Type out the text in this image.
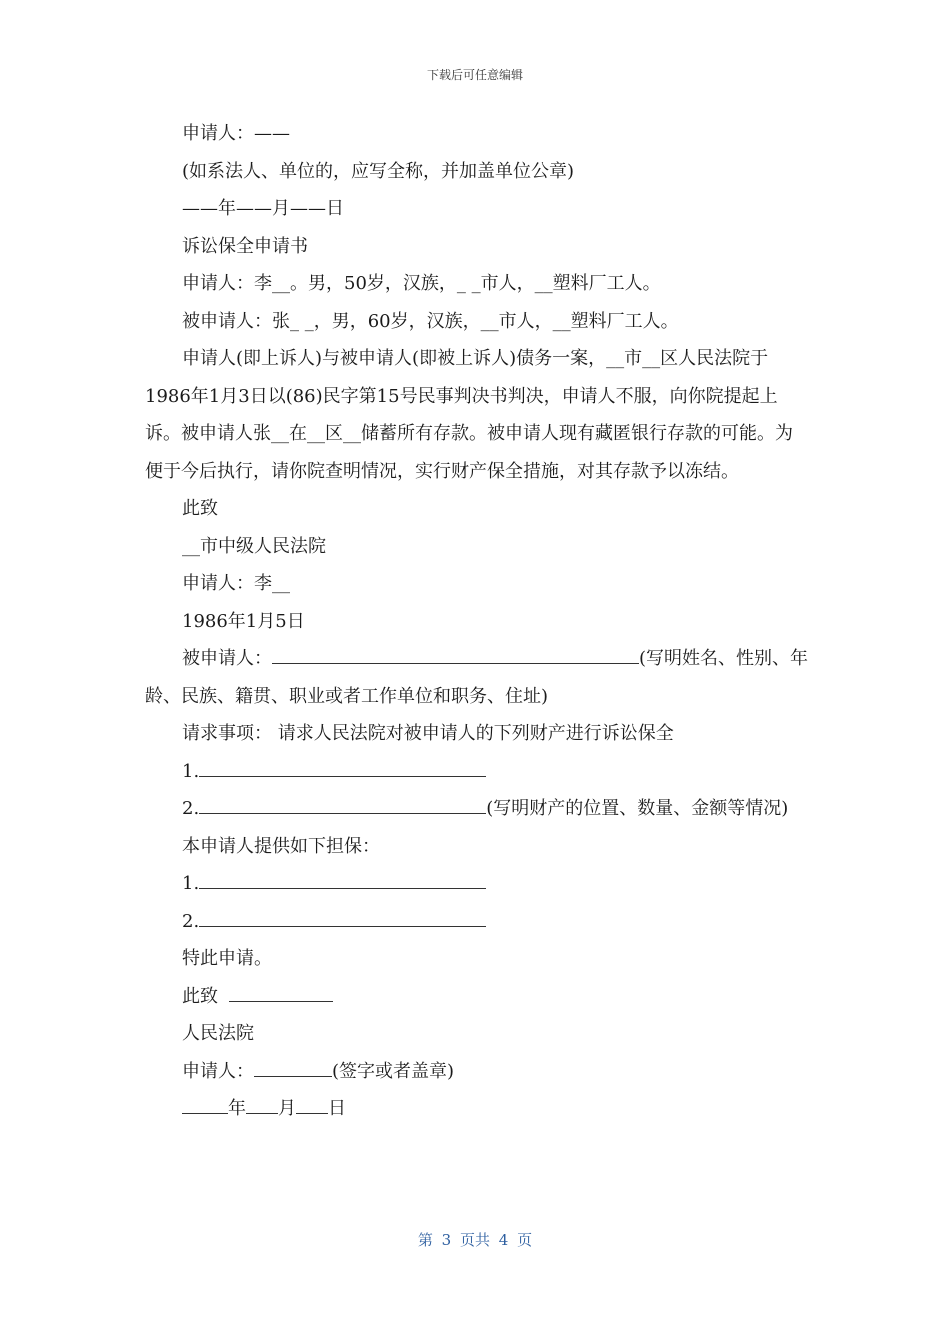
下载后可任意编辑

申请人：——

(如系法人、单位的，应写全称，并加盖单位公章)

——年——月——日

诉讼保全申请书

申请人：李__。男，50岁，汉族，_ _市人，__塑料厂工人。

被申请人：张_ _，男，60岁，汉族，__市人，__塑料厂工人。

申请人(即上诉人)与被申请人(即被上诉人)债务一案，__市__区人民法院于1986年1月3日以(86)民字第15号民事判决书判决，申请人不服，向你院提起上诉。被申请人张__在__区__储蓄所有存款。被申请人现有藏匿银行存款的可能。为便于今后执行，请你院查明情况，实行财产保全措施，对其存款予以冻结。

此致

__市中级人民法院

申请人：李__

1986年1月5日

被申请人：	(写明姓名、性别、年龄、民族、籍贯、职业或者工作单位和职务、住址)

请求事项： 请求人民法院对被申请人的下列财产进行诉讼保全

1.

2.	(写明财产的位置、数量、金额等情况)

本申请人提供如下担保：

1.

2.

特此申请。

此致

人民法院

申请人：	(签字或者盖章)

年 月 日

第 3 页共 4 页
